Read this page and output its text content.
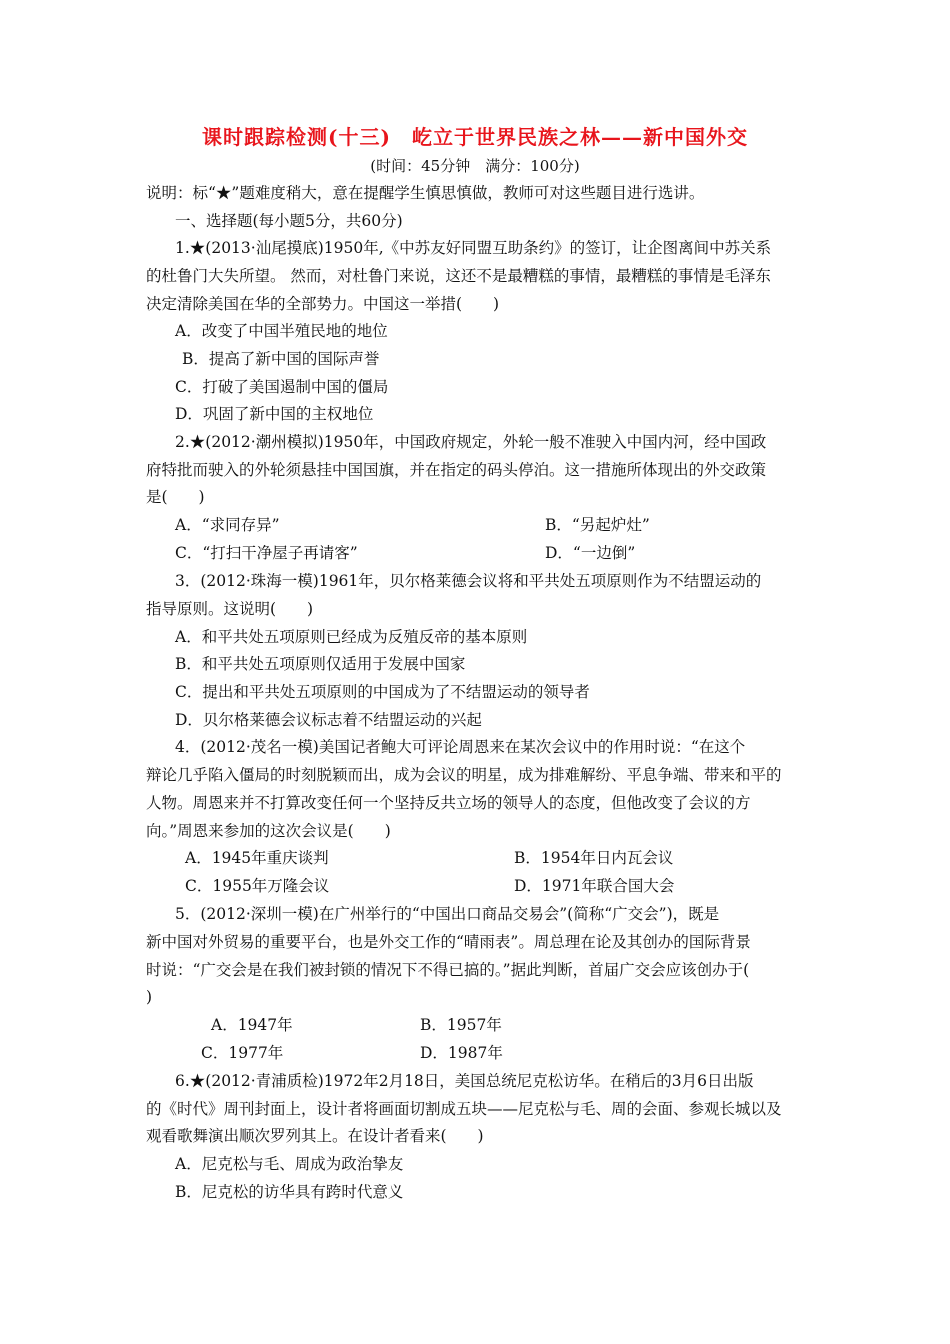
课时跟踪检测(十三)　屹立于世界民族之林——新中国外交
(时间：45分钟　满分：100分)

说明：标“★”题难度稍大，意在提醒学生慎思慎做，教师可对这些题目进行选讲。

一、选择题(每小题5分，共60分)

1.★(2013·汕尾摸底)1950年,《中苏友好同盟互助条约》的签订，让企图离间中苏关系

的杜鲁门大失所望。 然而，对杜鲁门来说，这还不是最糟糕的事情，最糟糕的事情是毛泽东

决定清除美国在华的全部势力。中国这一举措(　　)

A．改变了中国半殖民地的地位

B．提高了新中国的国际声誉

C．打破了美国遏制中国的僵局

D．巩固了新中国的主权地位

2.★(2012·潮州模拟)1950年，中国政府规定，外轮一般不准驶入中国内河，经中国政

府特批而驶入的外轮须悬挂中国国旗，并在指定的码头停泊。这一措施所体现出的外交政策

是(　　)

A．“求同存异”	B．“另起炉灶”

C．“打扫干净屋子再请客”	D．“一边倒”

3．(2012·珠海一模)1961年，贝尔格莱德会议将和平共处五项原则作为不结盟运动的

指导原则。这说明(　　)

A．和平共处五项原则已经成为反殖反帝的基本原则

B．和平共处五项原则仅适用于发展中国家

C．提出和平共处五项原则的中国成为了不结盟运动的领导者

D．贝尔格莱德会议标志着不结盟运动的兴起

4．(2012·茂名一模)美国记者鲍大可评论周恩来在某次会议中的作用时说：“在这个

辩论几乎陷入僵局的时刻脱颖而出，成为会议的明星，成为排难解纷、平息争端、带来和平的

人物。周恩来并不打算改变任何一个坚持反共立场的领导人的态度，但他改变了会议的方

向。”周恩来参加的这次会议是(　　)

A．1945年重庆谈判	B．1954年日内瓦会议

C．1955年万隆会议	D．1971年联合国大会

5．(2012·深圳一模)在广州举行的“中国出口商品交易会”(简称“广交会”)，既是

新中国对外贸易的重要平台，也是外交工作的“晴雨表”。周总理在论及其创办的国际背景

时说：“广交会是在我们被封锁的情况下不得已搞的。”据此判断，首届广交会应该创办于(

)

A．1947年	B．1957年

C．1977年	D．1987年

6.★(2012·青浦质检)1972年2月18日，美国总统尼克松访华。在稍后的3月6日出版

的《时代》周刊封面上，设计者将画面切割成五块——尼克松与毛、周的会面、参观长城以及

观看歌舞演出顺次罗列其上。在设计者看来(　　)

A．尼克松与毛、周成为政治挚友

B．尼克松的访华具有跨时代意义
